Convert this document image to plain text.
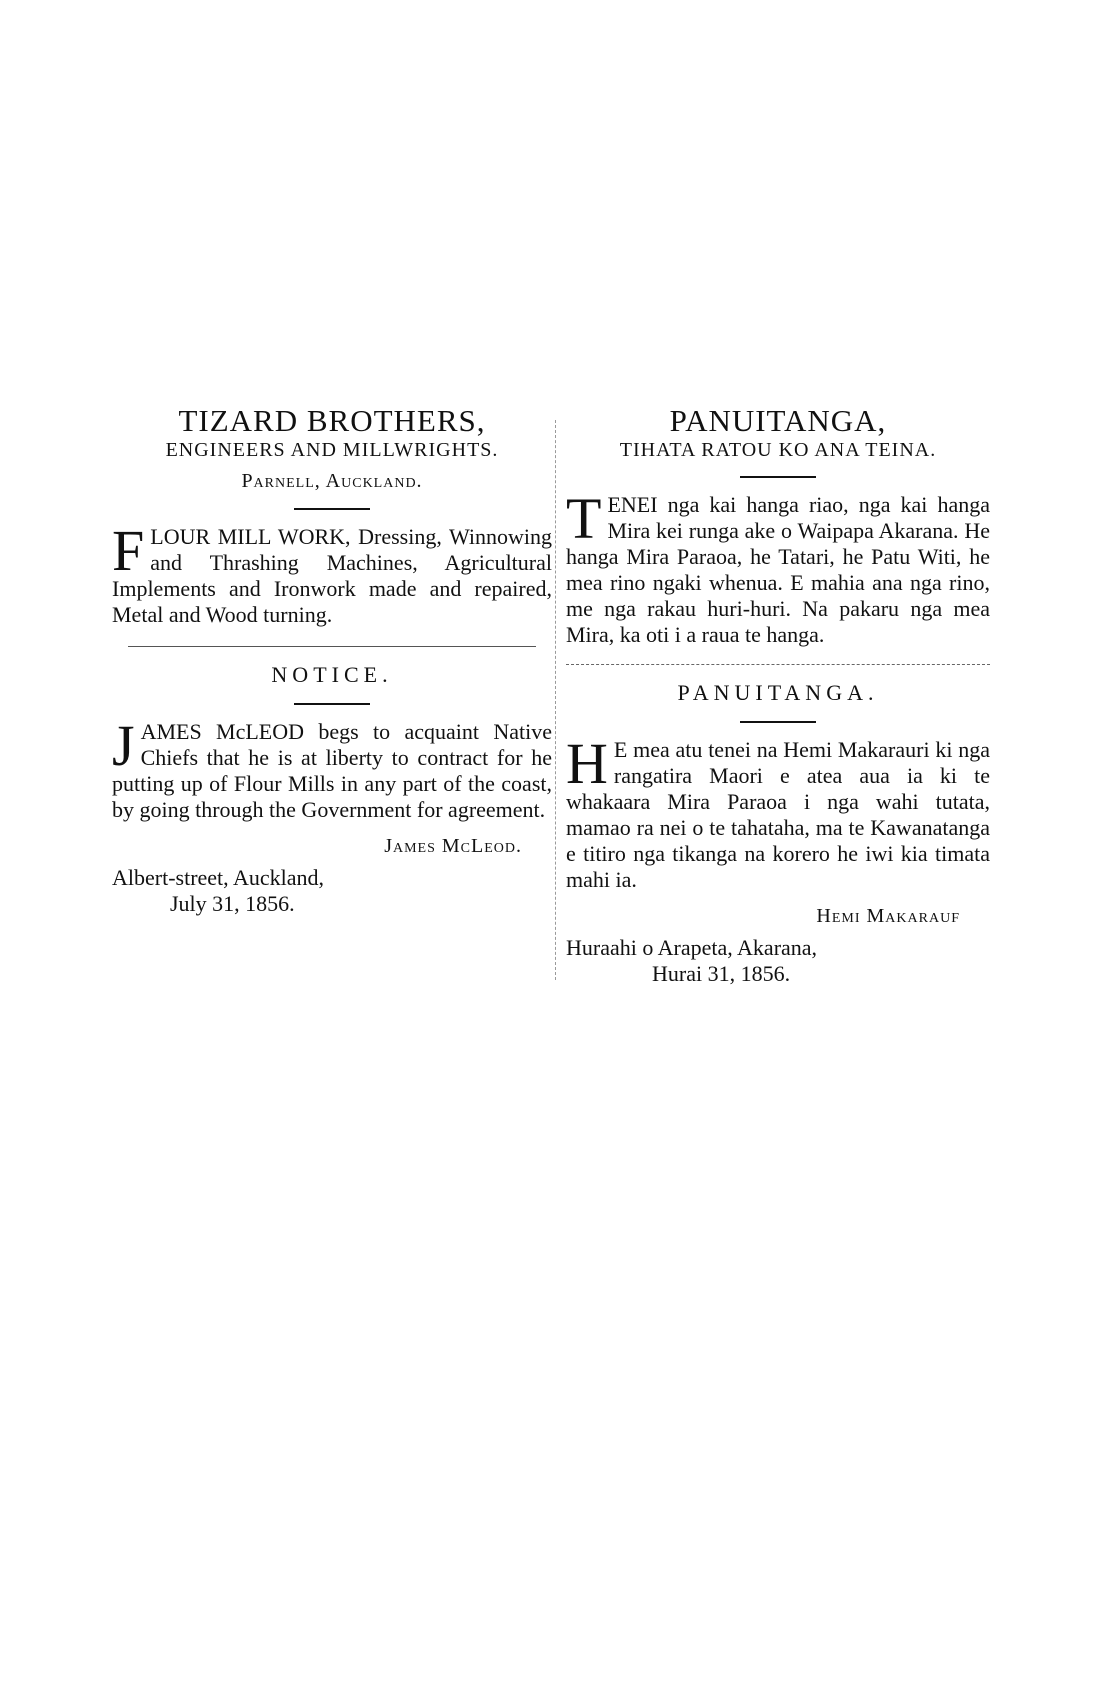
TIZARD BROTHERS,
ENGINEERS AND MILLWRIGHTS.
Parnell, Auckland.
FLOUR MILL WORK, Dressing, Winnowing and Thrashing Machines, Agricultural Implements and Ironwork made and repaired, Metal and Wood turning.
NOTICE.
JAMES McLEOD begs to acquaint Native Chiefs that he is at liberty to contract for he putting up of Flour Mills in any part of the coast, by going through the Government for agreement.
James McLeod.
Albert-street, Auckland,
July 31, 1856.
PANUITANGA,
TIHATA RATOU KO ANA TEINA.
TENEI nga kai hanga riao, nga kai hanga Mira kei runga ake o Waipapa Akarana. He hanga Mira Paraoa, he Tatari, he Patu Witi, he mea rino ngaki whenua. E mahia ana nga rino, me nga rakau huri-huri. Na pakaru nga mea Mira, ka oti i a raua te hanga.
PANUITANGA.
H E mea atu tenei na Hemi Makarauri ki nga rangatira Maori e atea aua ia ki te whakaara Mira Paraoa i nga wahi tutata, mamao ra nei o te tahataha, ma te Kawanatanga e titiro nga tikanga na korero he iwi kia timata mahi ia.
Hemi Makarauf
Huraahi o Arapeta, Akarana,
Hurai 31, 1856.
